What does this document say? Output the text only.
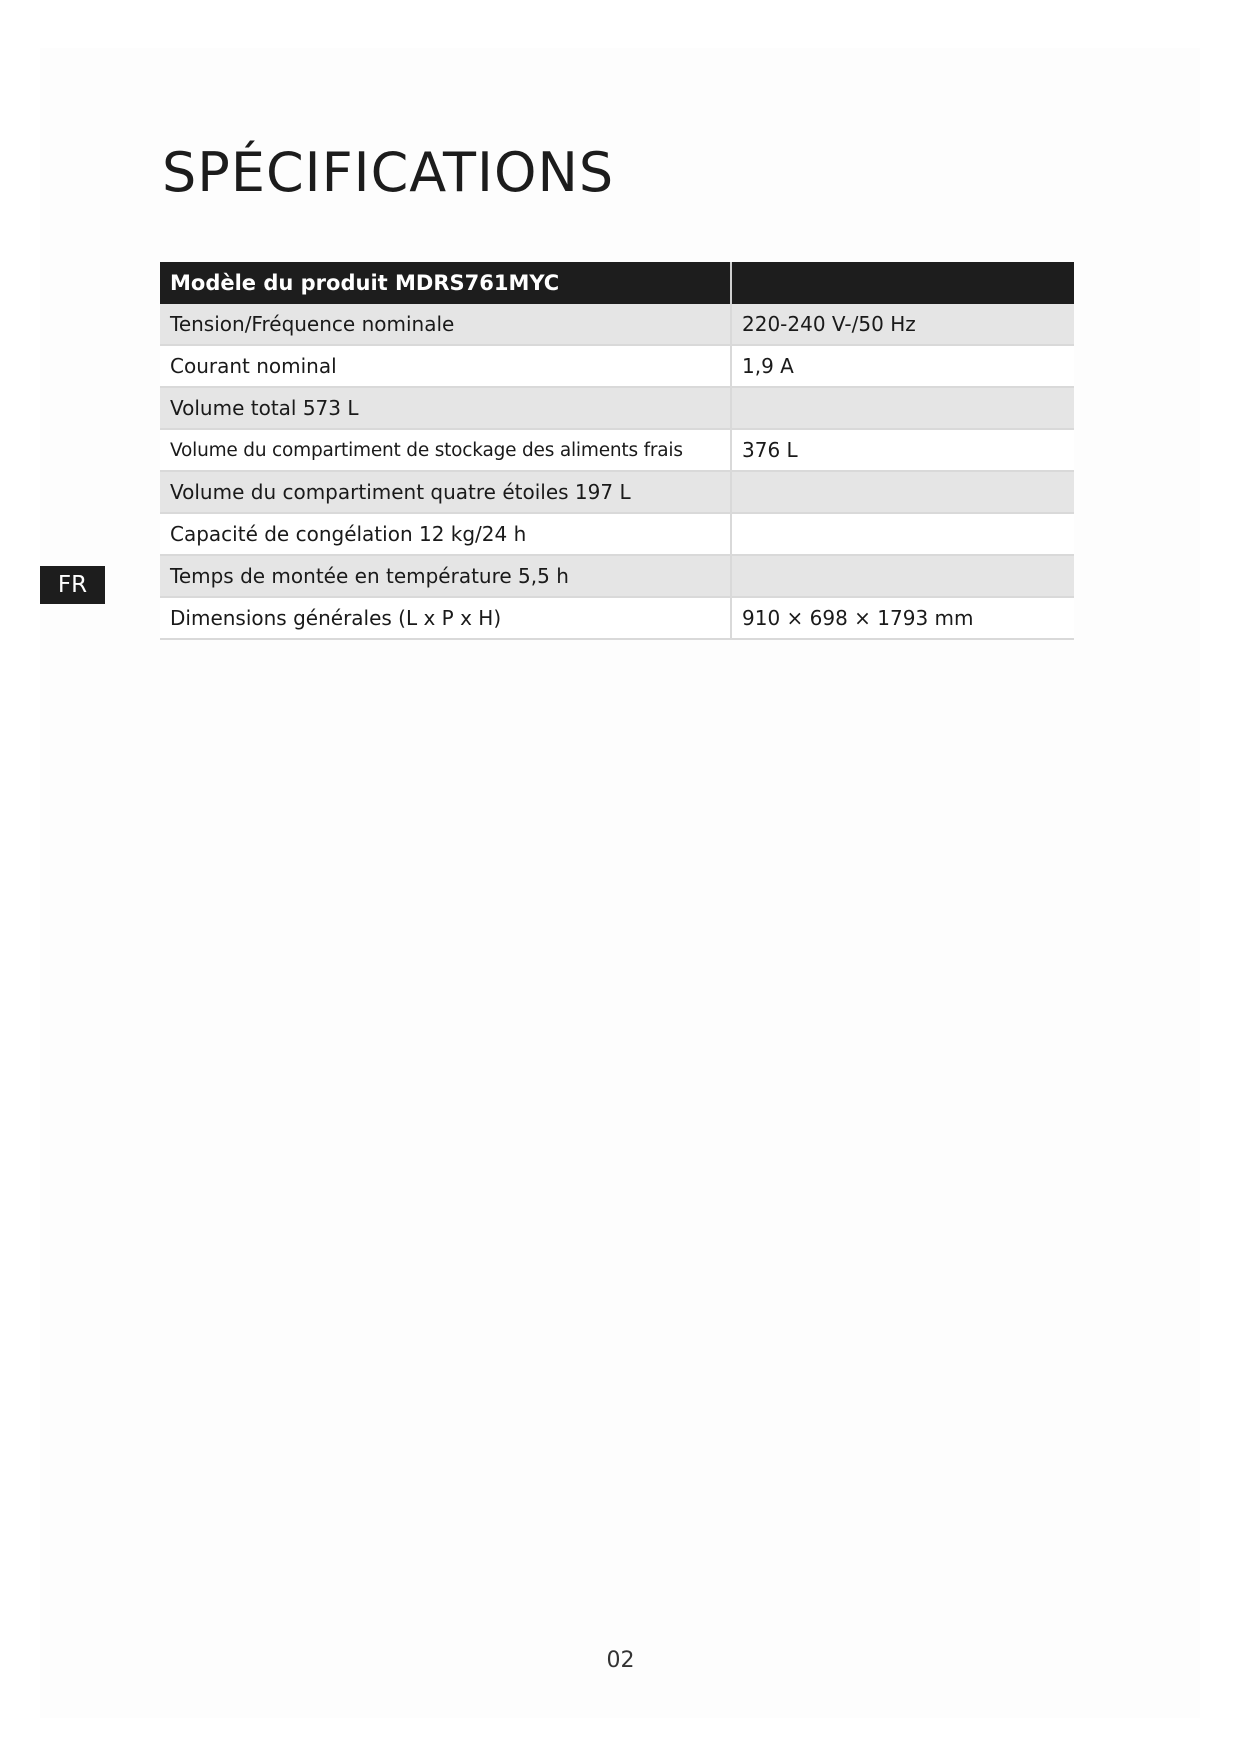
SPÉCIFICATIONS
FR
Modèle du produit MDRS761MYC	
Tension/Fréquence nominale	220-240 V-/50 Hz
Courant nominal	1,9 A
Volume total 573 L	
Volume du compartiment de stockage des aliments frais	376 L
Volume du compartiment quatre étoiles 197 L	
Capacité de congélation 12 kg/24 h	
Temps de montée en température 5,5 h	
Dimensions générales (L x P x H)	910 × 698 × 1793 mm
02
